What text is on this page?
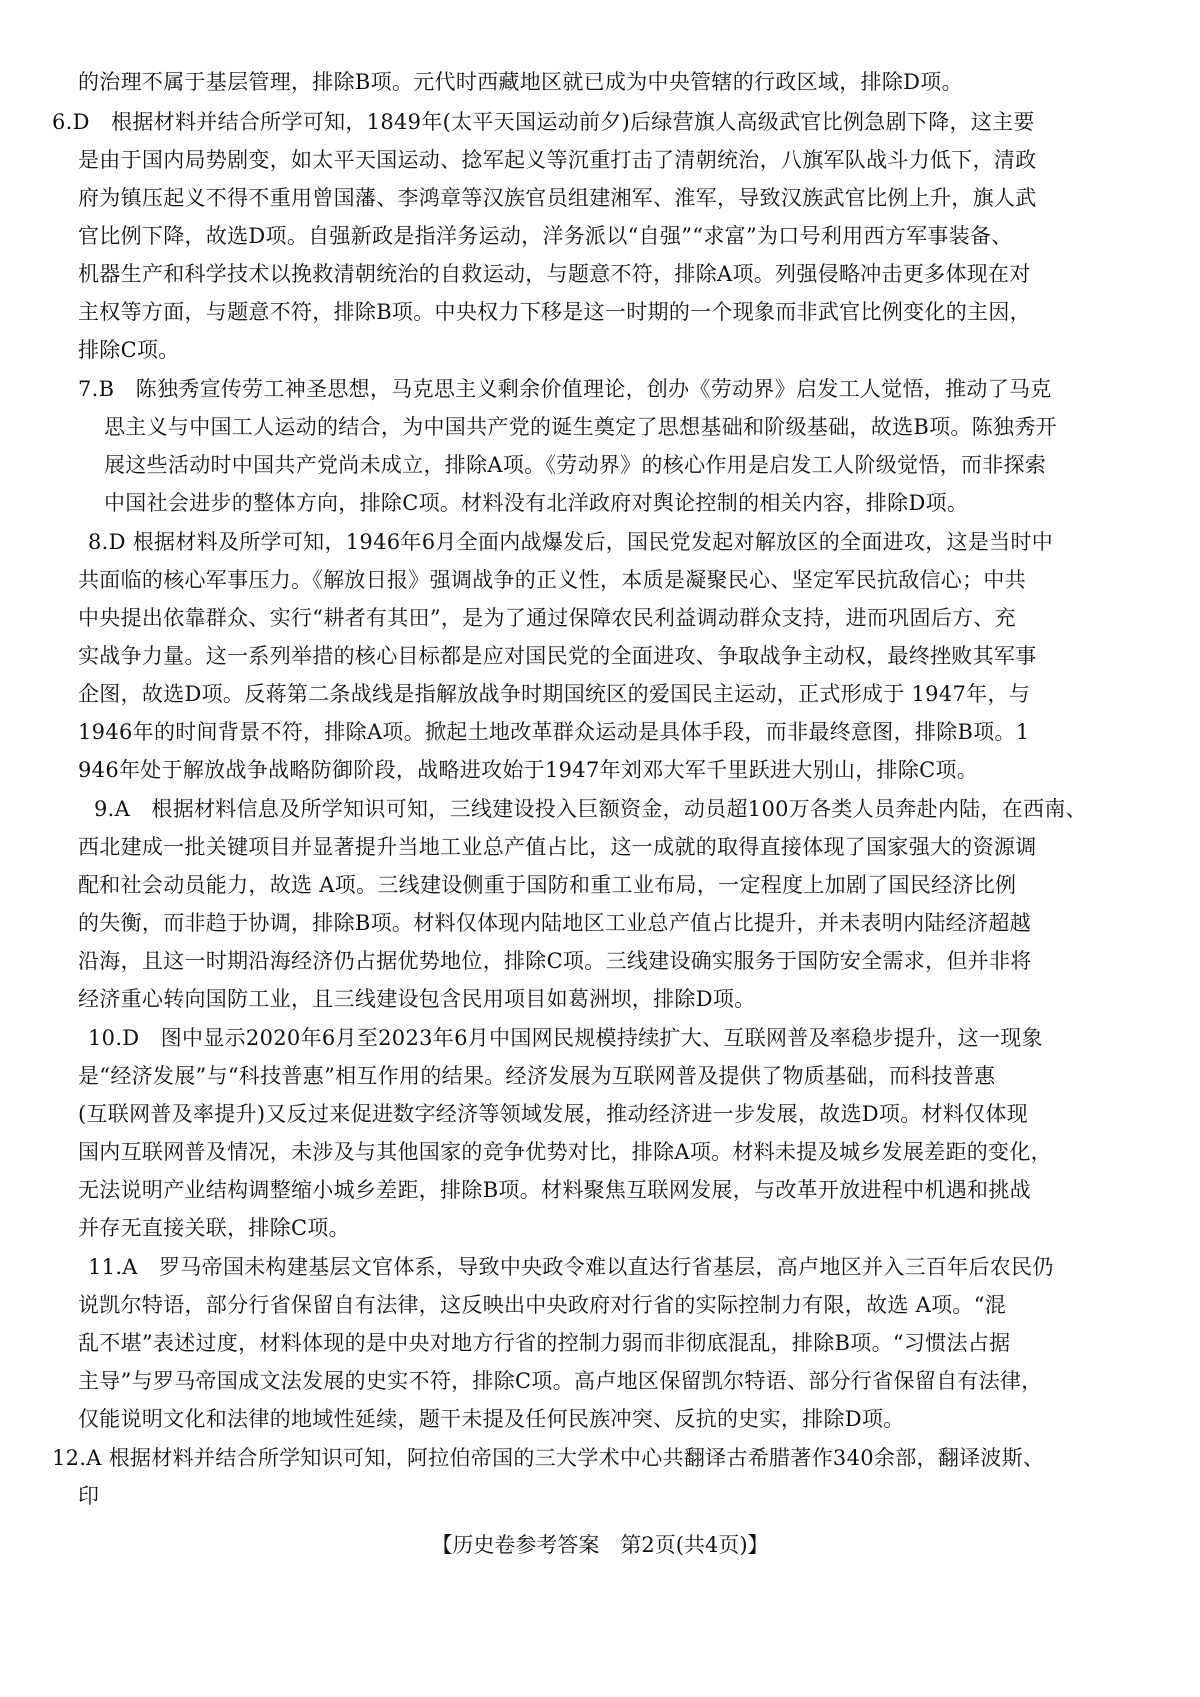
的治理不属于基层管理，排除B项。元代时西藏地区就已成为中央管辖的行政区域，排除D项。
6.D　根据材料并结合所学可知，1849年(太平天国运动前夕)后绿营旗人高级武官比例急剧下降，这主要
是由于国内局势剧变，如太平天国运动、捻军起义等沉重打击了清朝统治，八旗军队战斗力低下，清政
府为镇压起义不得不重用曾国藩、李鸿章等汉族官员组建湘军、淮军，导致汉族武官比例上升，旗人武
官比例下降，故选D项。自强新政是指洋务运动，洋务派以“自强”“求富”为口号利用西方军事装备、
机器生产和科学技术以挽救清朝统治的自救运动，与题意不符，排除A项。列强侵略冲击更多体现在对
主权等方面，与题意不符，排除B项。中央权力下移是这一时期的一个现象而非武官比例变化的主因，
排除C项。
7.B　陈独秀宣传劳工神圣思想，马克思主义剩余价值理论，创办《劳动界》启发工人觉悟，推动了马克
思主义与中国工人运动的结合，为中国共产党的诞生奠定了思想基础和阶级基础，故选B项。陈独秀开
展这些活动时中国共产党尚未成立，排除A项。《劳动界》的核心作用是启发工人阶级觉悟，而非探索
中国社会进步的整体方向，排除C项。材料没有北洋政府对舆论控制的相关内容，排除D项。
8.D 根据材料及所学可知，1946年6月全面内战爆发后，国民党发起对解放区的全面进攻，这是当时中
共面临的核心军事压力。《解放日报》强调战争的正义性，本质是凝聚民心、坚定军民抗敌信心；中共
中央提出依靠群众、实行“耕者有其田”，是为了通过保障农民利益调动群众支持，进而巩固后方、充
实战争力量。这一系列举措的核心目标都是应对国民党的全面进攻、争取战争主动权，最终挫败其军事
企图，故选D项。反蒋第二条战线是指解放战争时期国统区的爱国民主运动，正式形成于 1947年，与
1946年的时间背景不符，排除A项。掀起土地改革群众运动是具体手段，而非最终意图，排除B项。1
946年处于解放战争战略防御阶段，战略进攻始于1947年刘邓大军千里跃进大别山，排除C项。
9.A　根据材料信息及所学知识可知，三线建设投入巨额资金，动员超100万各类人员奔赴内陆，在西南、
西北建成一批关键项目并显著提升当地工业总产值占比，这一成就的取得直接体现了国家强大的资源调
配和社会动员能力，故选 A项。三线建设侧重于国防和重工业布局，一定程度上加剧了国民经济比例
的失衡，而非趋于协调，排除B项。材料仅体现内陆地区工业总产值占比提升，并未表明内陆经济超越
沿海，且这一时期沿海经济仍占据优势地位，排除C项。三线建设确实服务于国防安全需求，但并非将
经济重心转向国防工业，且三线建设包含民用项目如葛洲坝，排除D项。
10.D　图中显示2020年6月至2023年6月中国网民规模持续扩大、互联网普及率稳步提升，这一现象
是“经济发展”与“科技普惠”相互作用的结果。经济发展为互联网普及提供了物质基础，而科技普惠
(互联网普及率提升)又反过来促进数字经济等领域发展，推动经济进一步发展，故选D项。材料仅体现
国内互联网普及情况，未涉及与其他国家的竞争优势对比，排除A项。材料未提及城乡发展差距的变化，
无法说明产业结构调整缩小城乡差距，排除B项。材料聚焦互联网发展，与改革开放进程中机遇和挑战
并存无直接关联，排除C项。
11.A　罗马帝国未构建基层文官体系，导致中央政令难以直达行省基层，高卢地区并入三百年后农民仍
说凯尔特语，部分行省保留自有法律，这反映出中央政府对行省的实际控制力有限，故选 A项。“混
乱不堪”表述过度，材料体现的是中央对地方行省的控制力弱而非彻底混乱，排除B项。“习惯法占据
主导”与罗马帝国成文法发展的史实不符，排除C项。高卢地区保留凯尔特语、部分行省保留自有法律，
仅能说明文化和法律的地域性延续，题干未提及任何民族冲突、反抗的史实，排除D项。
12.A 根据材料并结合所学知识可知，阿拉伯帝国的三大学术中心共翻译古希腊著作340余部，翻译波斯、
印
【历史卷参考答案　第2页(共4页)】
